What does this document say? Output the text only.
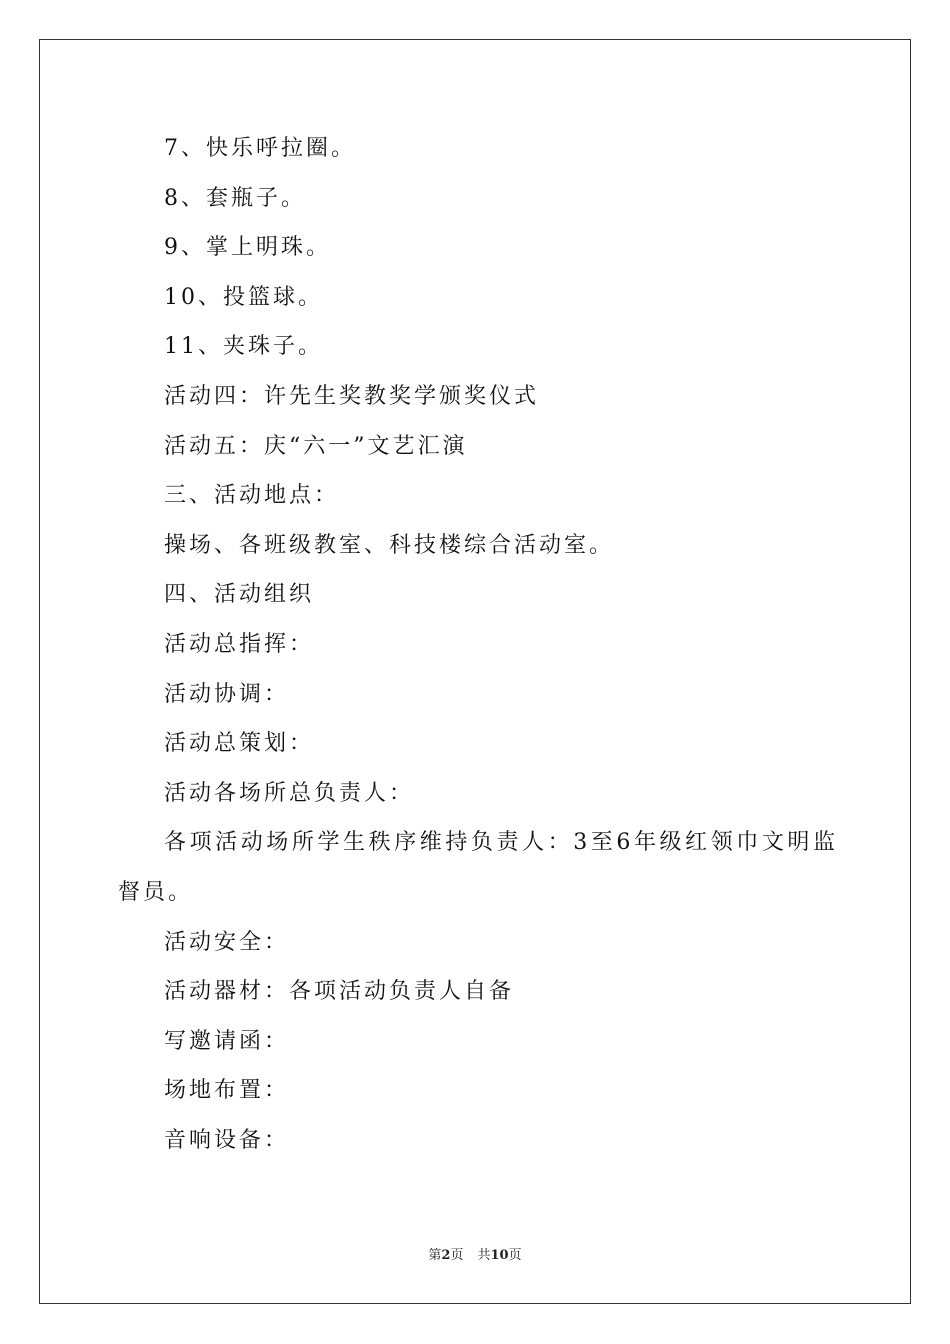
7、快乐呼拉圈。

8、套瓶子。

9、掌上明珠。

10、投篮球。

11、夹珠子。

活动四：许先生奖教奖学颁奖仪式

活动五：庆“六一”文艺汇演

三、活动地点：

操场、各班级教室、科技楼综合活动室。

四、活动组织

活动总指挥：

活动协调：

活动总策划：

活动各场所总负责人：

各项活动场所学生秩序维持负责人：3至6年级红领巾文明监督员。

活动安全：

活动器材：各项活动负责人自备

写邀请函：

场地布置：

音响设备：

第2页 共10页
